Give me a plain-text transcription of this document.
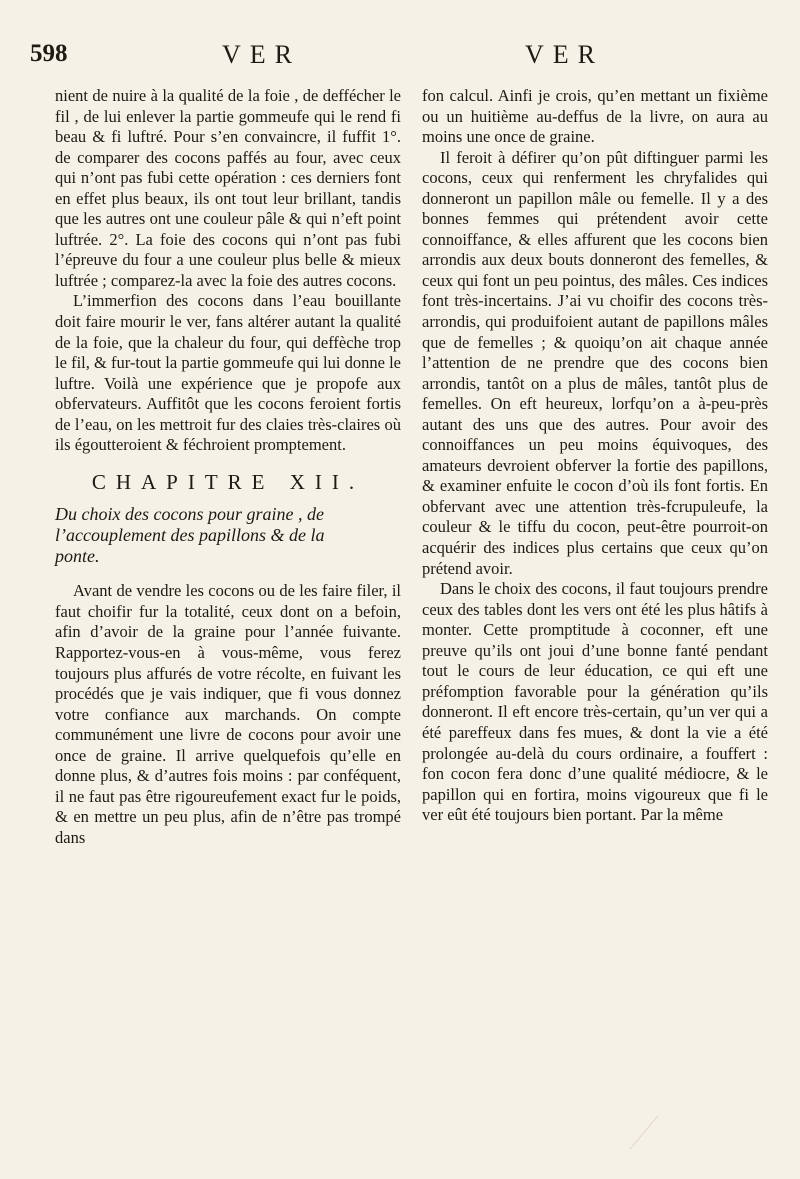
598	VER	VER

nient de nuire à la qualité de la foie , de deffécher le fil , de lui enlever la partie gommeufe qui le rend fi beau & fi luftré. Pour s’en convaincre, il fuffit 1°. de comparer des cocons paffés au four, avec ceux qui n’ont pas fubi cette opération : ces derniers font en effet plus beaux, ils ont tout leur brillant, tandis que les autres ont une couleur pâle & qui n’eft point luftrée. 2°. La foie des cocons qui n’ont pas fubi l’épreuve du four a une couleur plus belle & mieux luftrée ; comparez-la avec la foie des autres cocons.

L’immerfion des cocons dans l’eau bouillante doit faire mourir le ver, fans altérer autant la qualité de la foie, que la chaleur du four, qui deffèche trop le fil, & fur-tout la partie gommeufe qui lui donne le luftre. Voilà une expérience que je propofe aux obfervateurs. Auffitôt que les cocons feroient fortis de l’eau, on les mettroit fur des claies très-claires où ils égoutteroient & féchroient promptement.

CHAPITRE XII.
Du choix des cocons pour graine , de
l’accouplement des papillons & de la
ponte.

Avant de vendre les cocons ou de les faire filer, il faut choifir fur la totalité, ceux dont on a befoin, afin d’avoir de la graine pour l’année fuivante. Rapportez-vous-en à vous-même, vous ferez toujours plus affurés de votre récolte, en fuivant les procédés que je vais indiquer, que fi vous donnez votre confiance aux marchands. On compte communément une livre de cocons pour avoir une once de graine. Il arrive quelquefois qu’elle en donne plus, & d’autres fois moins : par conféquent, il ne faut pas être rigoureufement exact fur le poids, & en mettre un peu plus, afin de n’être pas trompé dans

fon calcul. Ainfi je crois, qu’en mettant un fixième ou un huitième au-deffus de la livre, on aura au moins une once de graine.

Il feroit à défirer qu’on pût diftinguer parmi les cocons, ceux qui renferment les chryfalides qui donneront un papillon mâle ou femelle. Il y a des bonnes femmes qui prétendent avoir cette connoiffance, & elles affurent que les cocons bien arrondis aux deux bouts donneront des femelles, & ceux qui font un peu pointus, des mâles. Ces indices font très-incertains. J’ai vu choifir des cocons très-arrondis, qui produifoient autant de papillons mâles que de femelles ; & quoiqu’on ait chaque année l’attention de ne prendre que des cocons bien arrondis, tantôt on a plus de mâles, tantôt plus de femelles. On eft heureux, lorfqu’on a à-peu-près autant des uns que des autres. Pour avoir des connoiffances un peu moins équivoques, des amateurs devroient obferver la fortie des papillons, & examiner enfuite le cocon d’où ils font fortis. En obfervant avec une attention très-fcrupuleufe, la couleur & le tiffu du cocon, peut-être pourroit-on acquérir des indices plus certains que ceux qu’on prétend avoir.

Dans le choix des cocons, il faut toujours prendre ceux des tables dont les vers ont été les plus hâtifs à monter. Cette promptitude à coconner, eft une preuve qu’ils ont joui d’une bonne fanté pendant tout le cours de leur éducation, ce qui eft une préfomption favorable pour la génération qu’ils donneront. Il eft encore très-certain, qu’un ver qui a été pareffeux dans fes mues, & dont la vie a été prolongée au-delà du cours ordinaire, a fouffert : fon cocon fera donc d’une qualité médiocre, & le papillon qui en fortira, moins vigoureux que fi le ver eût été toujours bien portant. Par la même
